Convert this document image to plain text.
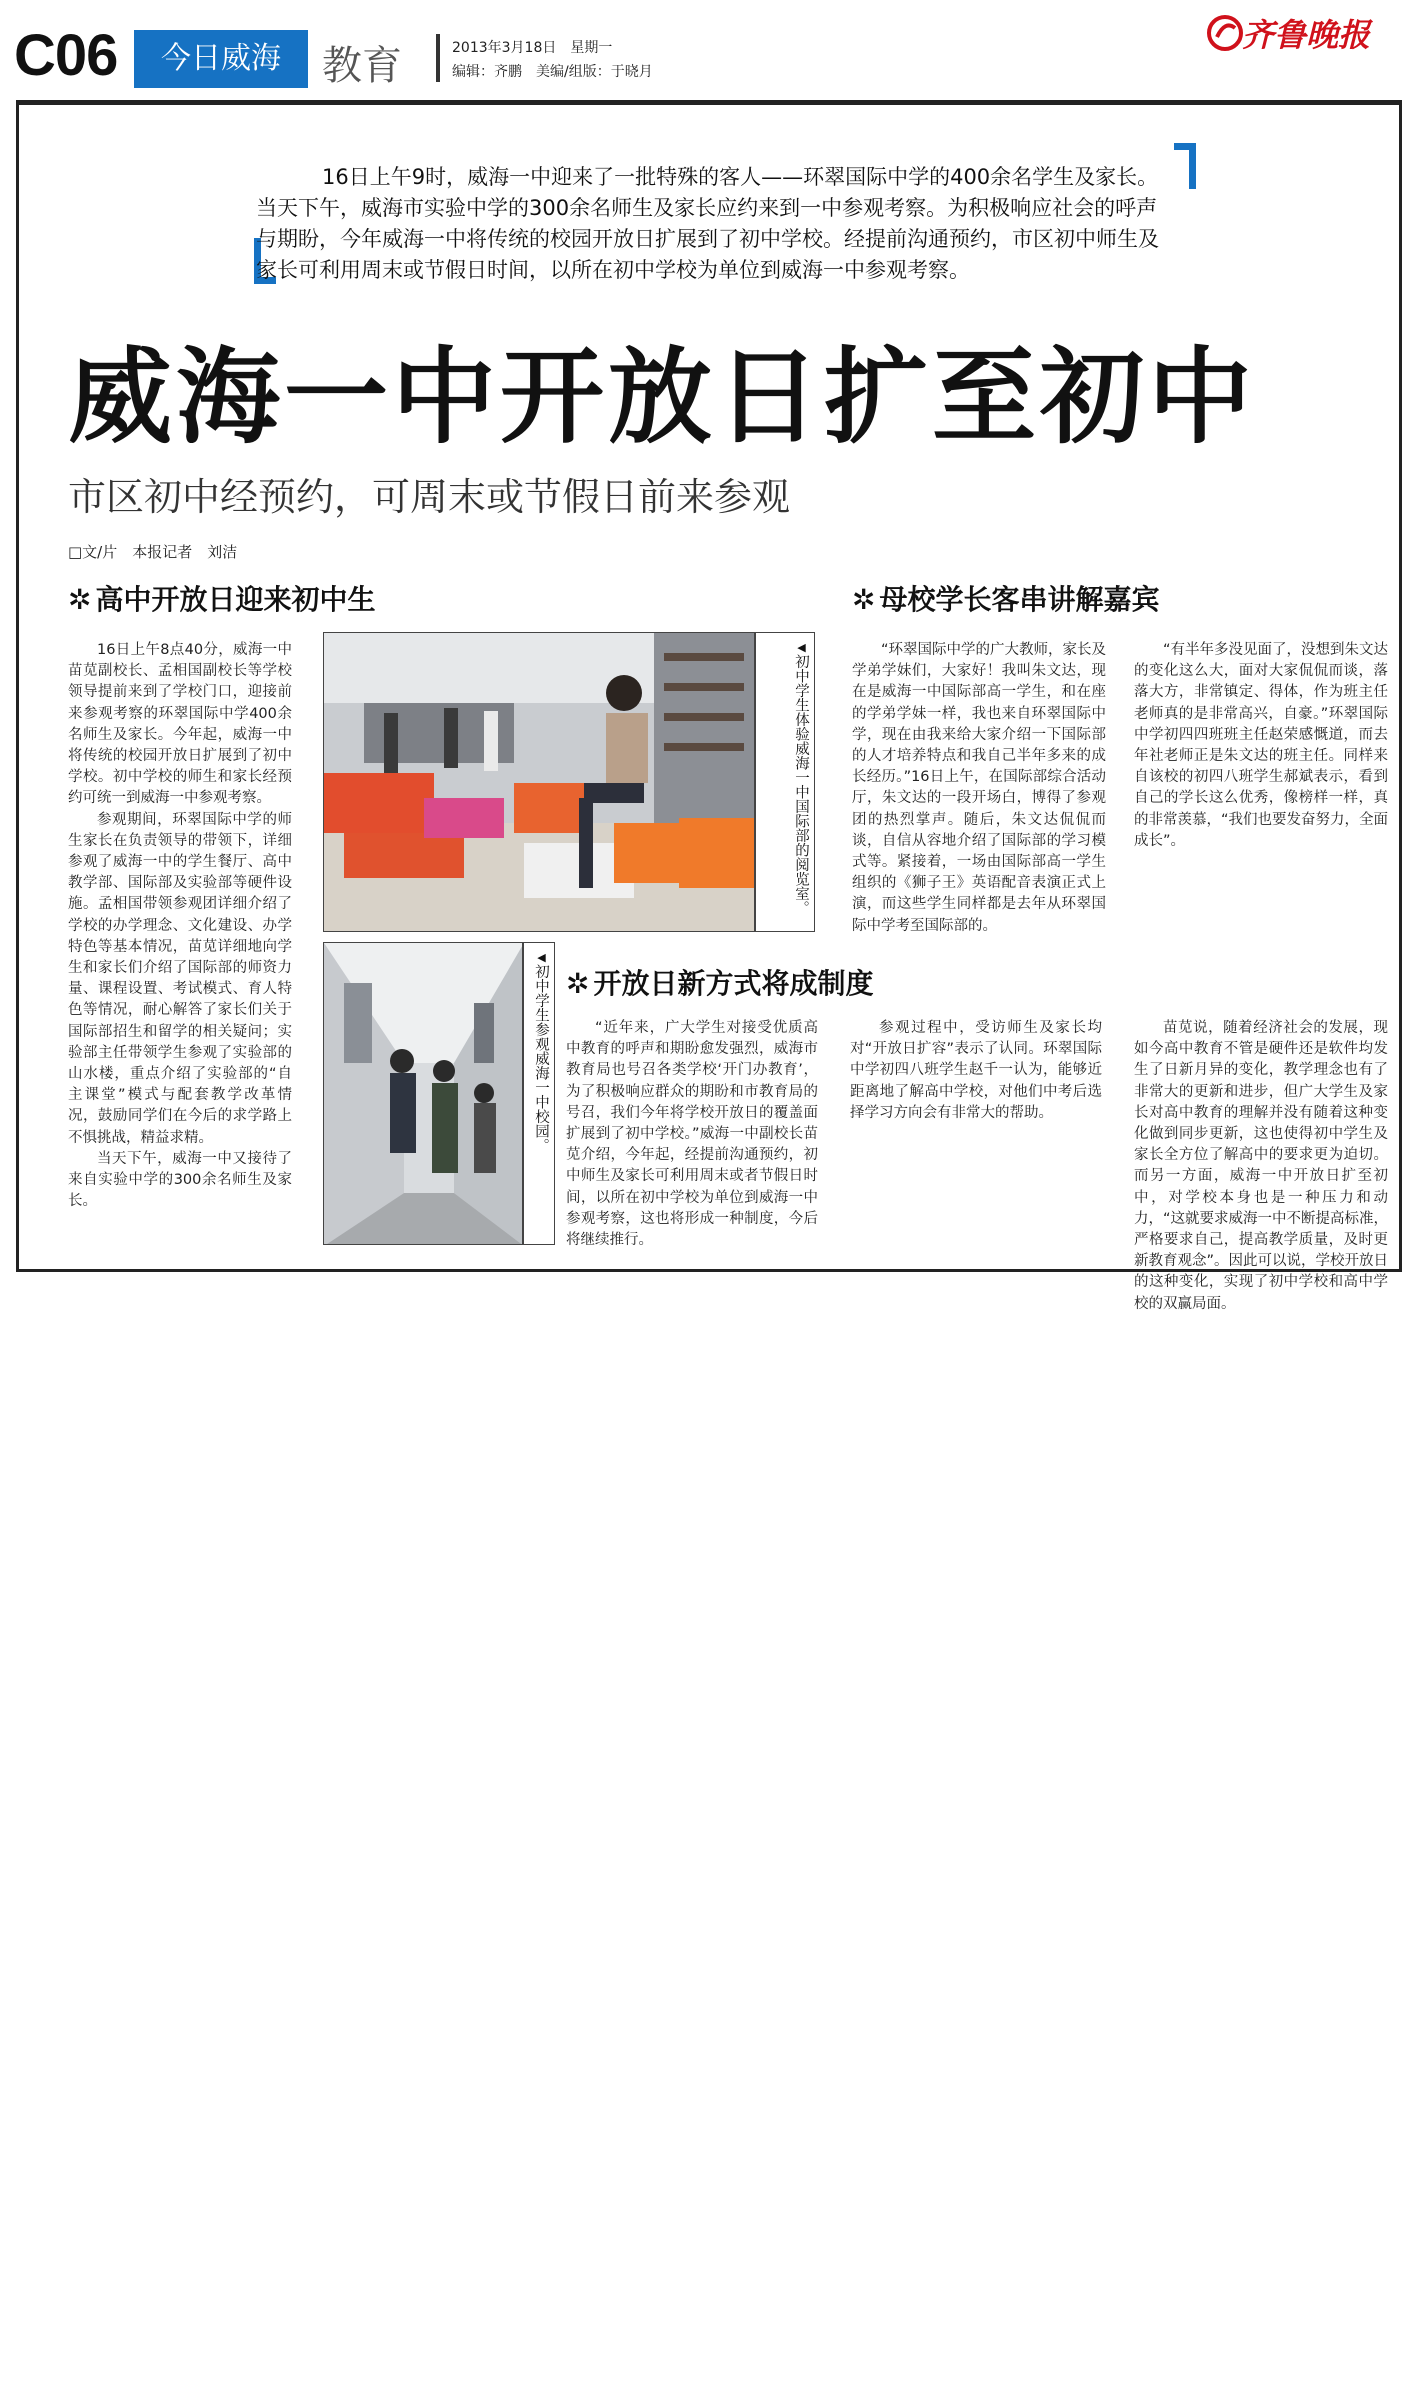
C06	今日威海	教育	2013年3月18日　星期一
编辑：齐鹏　美编/组版：于晓月
齐鲁晚报
16日上午9时，威海一中迎来了一批特殊的客人——环翠国际中学的400余名学生及家长。当天下午，威海市实验中学的300余名师生及家长应约来到一中参观考察。为积极响应社会的呼声与期盼，今年威海一中将传统的校园开放日扩展到了初中学校。经提前沟通预约，市区初中师生及家长可利用周末或节假日时间，以所在初中学校为单位到威海一中参观考察。
威海一中开放日扩至初中
市区初中经预约，可周末或节假日前来参观
□文/片　本报记者　刘洁
✲ 高中开放日迎来初中生

16日上午8点40分，威海一中苗苋副校长、孟相国副校长等学校领导提前来到了学校门口，迎接前来参观考察的环翠国际中学400余名师生及家长。今年起，威海一中将传统的校园开放日扩展到了初中学校。初中学校的师生和家长经预约可统一到威海一中参观考察。

参观期间，环翠国际中学的师生家长在负责领导的带领下，详细参观了威海一中的学生餐厅、高中教学部、国际部及实验部等硬件设施。孟相国带领参观团详细介绍了学校的办学理念、文化建设、办学特色等基本情况，苗苋详细地向学生和家长们介绍了国际部的师资力量、课程设置、考试模式、育人特色等情况，耐心解答了家长们关于国际部招生和留学的相关疑问；实验部主任带领学生参观了实验部的山水楼，重点介绍了实验部的“自主课堂”模式与配套教学改革情况，鼓励同学们在今后的求学路上不惧挑战，精益求精。

当天下午，威海一中又接待了来自实验中学的300余名师生及家长。

◀初中学生体验威海一中国际部的阅览室。
◀初中学生参观威海一中校园。
✲ 母校学长客串讲解嘉宾

“环翠国际中学的广大教师，家长及学弟学妹们，大家好！我叫朱文达，现在是威海一中国际部高一学生，和在座的学弟学妹一样，我也来自环翠国际中学，现在由我来给大家介绍一下国际部的人才培养特点和我自己半年多来的成长经历。”16日上午，在国际部综合活动厅，朱文达的一段开场白，博得了参观团的热烈掌声。随后，朱文达侃侃而谈，自信从容地介绍了国际部的学习模式等。紧接着，一场由国际部高一学生组织的《狮子王》英语配音表演正式上演，而这些学生同样都是去年从环翠国际中学考至国际部的。

“有半年多没见面了，没想到朱文达的变化这么大，面对大家侃侃而谈，落落大方，非常镇定、得体，作为班主任老师真的是非常高兴，自豪。”环翠国际中学初四四班班主任赵荣感慨道，而去年社老师正是朱文达的班主任。同样来自该校的初四八班学生郝斌表示，看到自己的学长这么优秀，像榜样一样，真的非常羡慕，“我们也要发奋努力，全面成长”。

✲ 开放日新方式将成制度

“近年来，广大学生对接受优质高中教育的呼声和期盼愈发强烈，威海市教育局也号召各类学校‘开门办教育’，为了积极响应群众的期盼和市教育局的号召，我们今年将学校开放日的覆盖面扩展到了初中学校。”威海一中副校长苗苋介绍，今年起，经提前沟通预约，初中师生及家长可利用周末或者节假日时间，以所在初中学校为单位到威海一中参观考察，这也将形成一种制度，今后将继续推行。

参观过程中，受访师生及家长均对“开放日扩容”表示了认同。环翠国际中学初四八班学生赵千一认为，能够近距离地了解高中学校，对他们中考后选择学习方向会有非常大的帮助。

苗苋说，随着经济社会的发展，现如今高中教育不管是硬件还是软件均发生了日新月异的变化，教学理念也有了非常大的更新和进步，但广大学生及家长对高中教育的理解并没有随着这种变化做到同步更新，这也使得初中学生及家长全方位了解高中的要求更为迫切。而另一方面，威海一中开放日扩至初中，对学校本身也是一种压力和动力，“这就要求威海一中不断提高标准，严格要求自己，提高教学质量，及时更新教育观念”。因此可以说，学校开放日的这种变化，实现了初中学校和高中学校的双赢局面。
